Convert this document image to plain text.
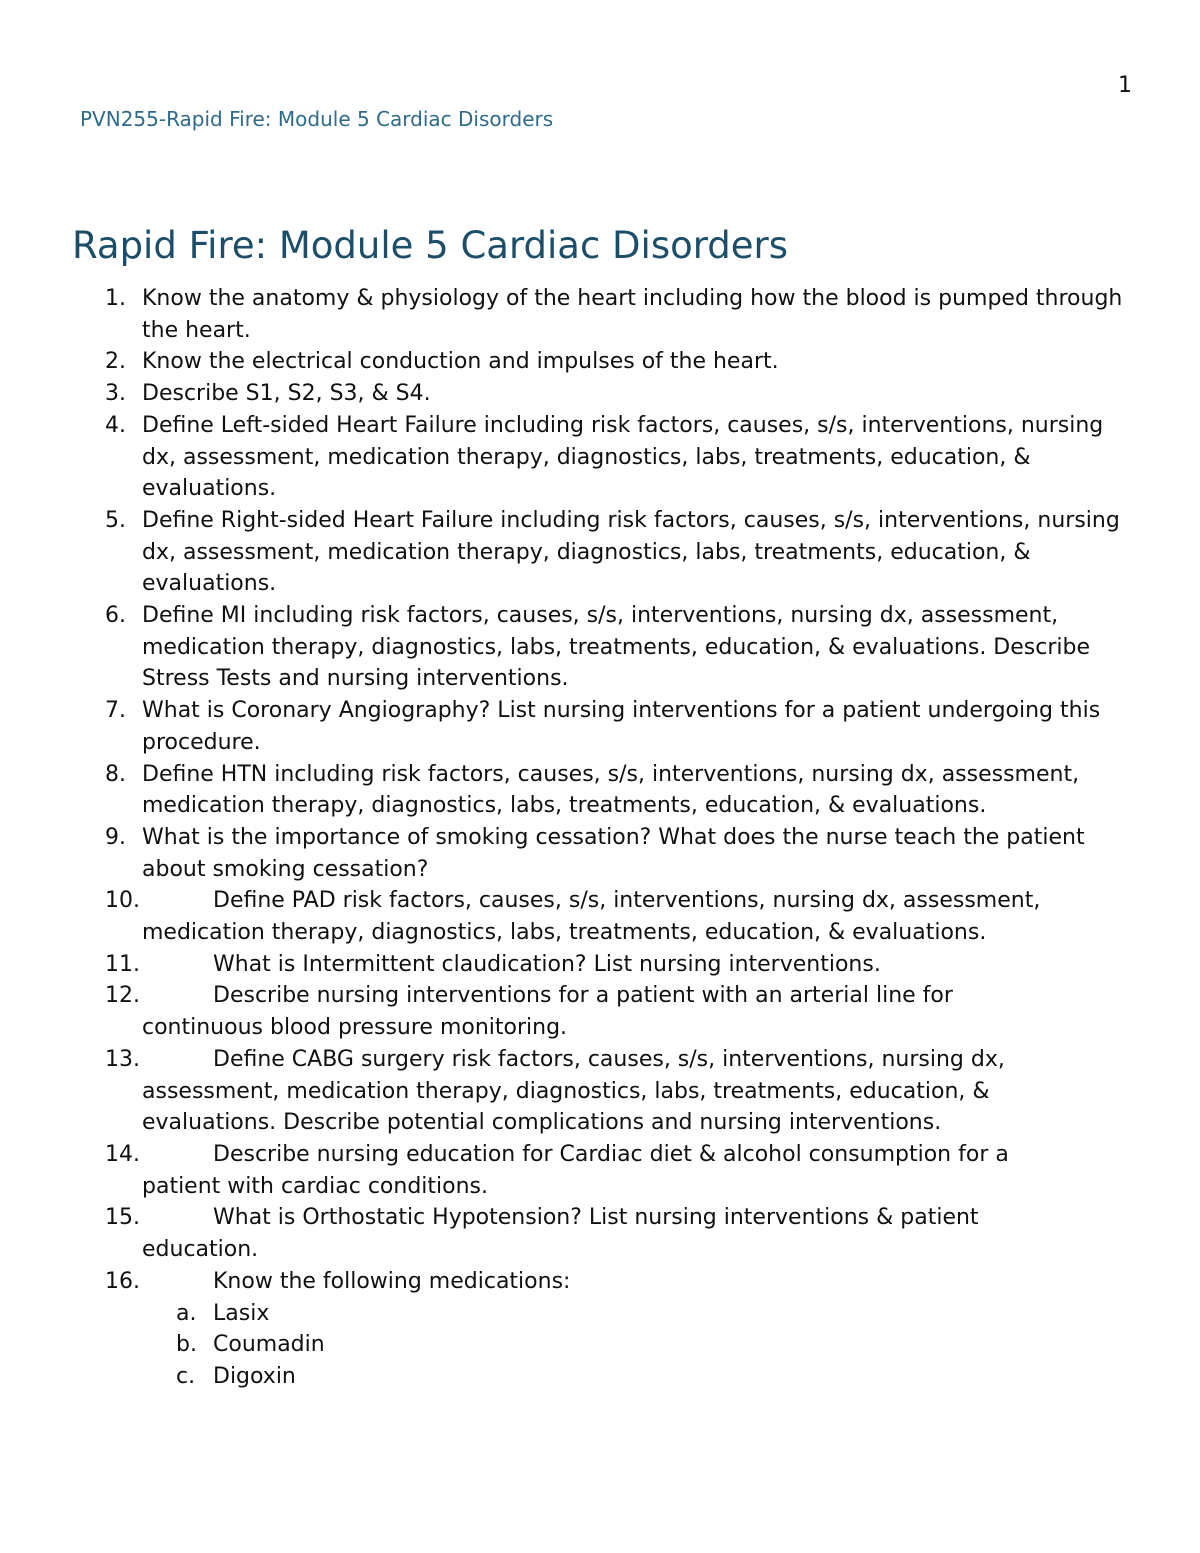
1
PVN255-Rapid Fire: Module 5 Cardiac Disorders
Rapid Fire: Module 5 Cardiac Disorders
1. Know the anatomy & physiology of the heart including how the blood is pumped through the heart.
2. Know the electrical conduction and impulses of the heart.
3. Describe S1, S2, S3, & S4.
4. Define Left-sided Heart Failure including risk factors, causes, s/s, interventions, nursing dx, assessment, medication therapy, diagnostics, labs, treatments, education, & evaluations.
5. Define Right-sided Heart Failure including risk factors, causes, s/s, interventions, nursing dx, assessment, medication therapy, diagnostics, labs, treatments, education, & evaluations.
6. Define MI including risk factors, causes, s/s, interventions, nursing dx, assessment, medication therapy, diagnostics, labs, treatments, education, & evaluations. Describe Stress Tests and nursing interventions.
7. What is Coronary Angiography? List nursing interventions for a patient undergoing this procedure.
8. Define HTN including risk factors, causes, s/s, interventions, nursing dx, assessment, medication therapy, diagnostics, labs, treatments, education, & evaluations.
9. What is the importance of smoking cessation? What does the nurse teach the patient about smoking cessation?
10.	Define PAD risk factors, causes, s/s, interventions, nursing dx, assessment,
medication therapy, diagnostics, labs, treatments, education, & evaluations.
11.	What is Intermittent claudication? List nursing interventions.
12.	Describe nursing interventions for a patient with an arterial line for
continuous blood pressure monitoring.
13.	Define CABG surgery risk factors, causes, s/s, interventions, nursing dx,
assessment, medication therapy, diagnostics, labs, treatments, education, & evaluations. Describe potential complications and nursing interventions.
14.	Describe nursing education for Cardiac diet & alcohol consumption for a
patient with cardiac conditions.
15.	What is Orthostatic Hypotension? List nursing interventions & patient
education.
16.	Know the following medications:
a. Lasix
b. Coumadin
c. Digoxin
